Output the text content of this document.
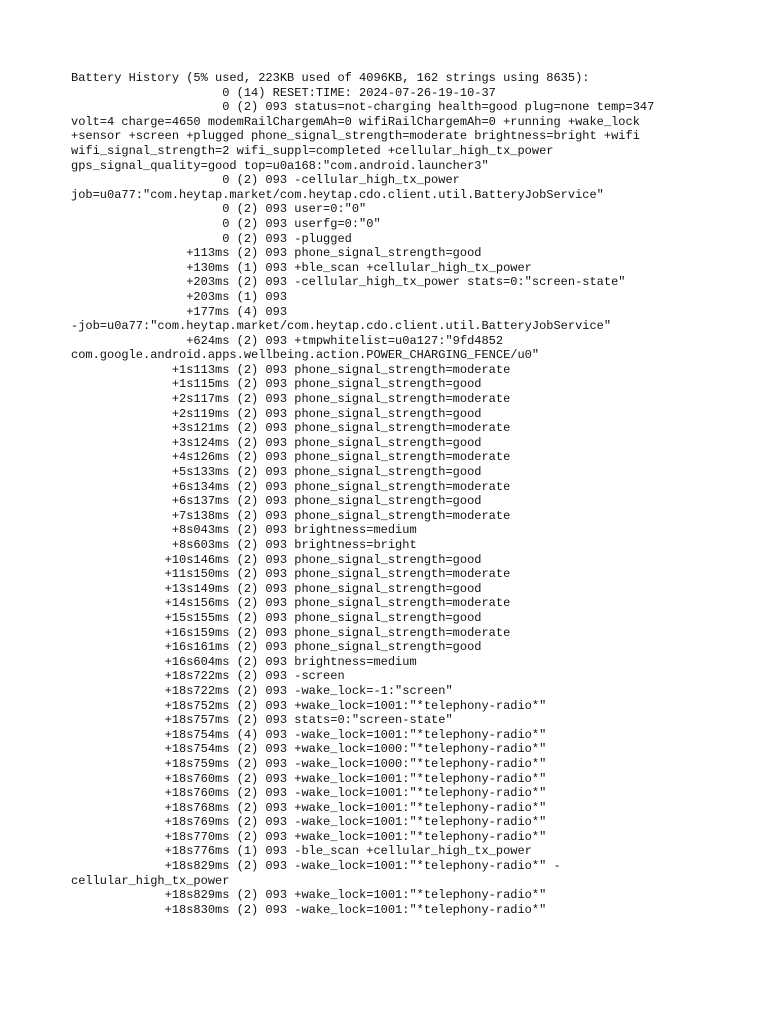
Battery History (5% used, 223KB used of 4096KB, 162 strings using 8635):
0 (14) RESET:TIME: 2024-07-26-19-10-37
0 (2) 093 status=not-charging health=good plug=none temp=347
volt=4 charge=4650 modemRailChargemAh=0 wifiRailChargemAh=0 +running +wake_lock
+sensor +screen +plugged phone_signal_strength=moderate brightness=bright +wifi
wifi_signal_strength=2 wifi_suppl=completed +cellular_high_tx_power
gps_signal_quality=good top=u0a168:"com.android.launcher3"
0 (2) 093 -cellular_high_tx_power
job=u0a77:"com.heytap.market/com.heytap.cdo.client.util.BatteryJobService"
0 (2) 093 user=0:"0"
0 (2) 093 userfg=0:"0"
0 (2) 093 -plugged
+113ms (2) 093 phone_signal_strength=good
+130ms (1) 093 +ble_scan +cellular_high_tx_power
+203ms (2) 093 -cellular_high_tx_power stats=0:"screen-state"
+203ms (1) 093
+177ms (4) 093
-job=u0a77:"com.heytap.market/com.heytap.cdo.client.util.BatteryJobService"
+624ms (2) 093 +tmpwhitelist=u0a127:"9fd4852
com.google.android.apps.wellbeing.action.POWER_CHARGING_FENCE/u0"
+1s113ms (2) 093 phone_signal_strength=moderate
+1s115ms (2) 093 phone_signal_strength=good
+2s117ms (2) 093 phone_signal_strength=moderate
+2s119ms (2) 093 phone_signal_strength=good
+3s121ms (2) 093 phone_signal_strength=moderate
+3s124ms (2) 093 phone_signal_strength=good
+4s126ms (2) 093 phone_signal_strength=moderate
+5s133ms (2) 093 phone_signal_strength=good
+6s134ms (2) 093 phone_signal_strength=moderate
+6s137ms (2) 093 phone_signal_strength=good
+7s138ms (2) 093 phone_signal_strength=moderate
+8s043ms (2) 093 brightness=medium
+8s603ms (2) 093 brightness=bright
+10s146ms (2) 093 phone_signal_strength=good
+11s150ms (2) 093 phone_signal_strength=moderate
+13s149ms (2) 093 phone_signal_strength=good
+14s156ms (2) 093 phone_signal_strength=moderate
+15s155ms (2) 093 phone_signal_strength=good
+16s159ms (2) 093 phone_signal_strength=moderate
+16s161ms (2) 093 phone_signal_strength=good
+16s604ms (2) 093 brightness=medium
+18s722ms (2) 093 -screen
+18s722ms (2) 093 -wake_lock=-1:"screen"
+18s752ms (2) 093 +wake_lock=1001:"*telephony-radio*"
+18s757ms (2) 093 stats=0:"screen-state"
+18s754ms (4) 093 -wake_lock=1001:"*telephony-radio*"
+18s754ms (2) 093 +wake_lock=1000:"*telephony-radio*"
+18s759ms (2) 093 -wake_lock=1000:"*telephony-radio*"
+18s760ms (2) 093 +wake_lock=1001:"*telephony-radio*"
+18s760ms (2) 093 -wake_lock=1001:"*telephony-radio*"
+18s768ms (2) 093 +wake_lock=1001:"*telephony-radio*"
+18s769ms (2) 093 -wake_lock=1001:"*telephony-radio*"
+18s770ms (2) 093 +wake_lock=1001:"*telephony-radio*"
+18s776ms (1) 093 -ble_scan +cellular_high_tx_power
+18s829ms (2) 093 -wake_lock=1001:"*telephony-radio*" -
cellular_high_tx_power
+18s829ms (2) 093 +wake_lock=1001:"*telephony-radio*"
+18s830ms (2) 093 -wake_lock=1001:"*telephony-radio*"
